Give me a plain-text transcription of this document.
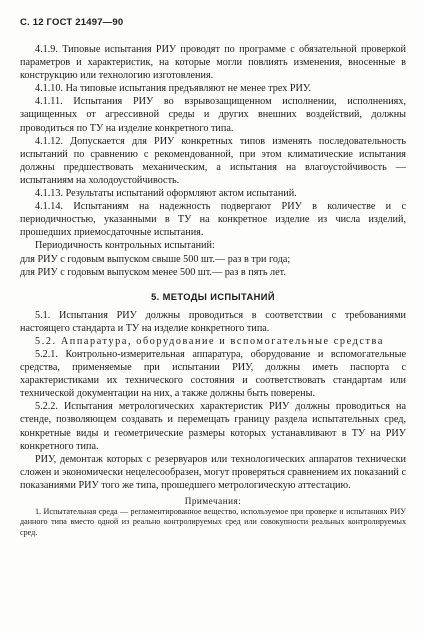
С. 12 ГОСТ 21497—90

4.1.9. Типовые испытания РИУ проводят по программе с обязательной проверкой параметров и характеристик, на которые могли повлиять изменения, вносенные в конструкцию или технологию изготовления.

4.1.10. На типовые испытания предъявляют не менее трех РИУ.

4.1.11. Испытания РИУ во взрывозащищенном исполнении, исполнениях, защищенных от агрессивной среды и других внешних воздействий, должны проводиться по ТУ на изделие конкретного типа.

4.1.12. Допускается для РИУ конкретных типов изменять последовательность испытаний по сравнению с рекомендованной, при этом климатические испытания должны предшествовать механическим, а испытания на влагоустойчивость — испытаниям на холодоустойчивость.

4.1.13. Результаты испытаний оформляют актом испытаний.

4.1.14. Испытаниям на надежность подвергают РИУ в количестве и с периодичностью, указанными в ТУ на конкретное изделие из числа изделий, прошедших приемосдаточные испытания.

Периодичность контрольных испытаний:

для РИУ с годовым выпуском свыше 500 шт.— раз в три года;

для РИУ с годовым выпуском менее 500 шт.— раз в пять лет.

5. МЕТОДЫ ИСПЫТАНИЙ

5.1. Испытания РИУ должны проводиться в соответствии с требованиями настоящего стандарта и ТУ на изделие конкретного типа.

5.2. Аппаратура, оборудование и вспомогательные средства

5.2.1. Контрольно-измерительная аппаратура, оборудование и вспомогательные средства, применяемые при испытании РИУ, должны иметь паспорта с характеристиками их технического состояния и соответствовать стандартам или технической документации на них, а также должны быть поверены.

5.2.2. Испытания метрологических характеристик РИУ должны проводиться на стенде, позволяющем создавать и перемещать границу раздела испытательных сред, конкретные виды и геометрические размеры которых устанавливают в ТУ на РИУ конкретного типа.

РИУ, демонтаж которых с резервуаров или технологических аппаратов технически сложен и экономически нецелесообразен, могут проверяться сравнением их показаний с показаниями РИУ того же типа, прошедшего метрологическую аттестацию.

Примечания:

1. Испытательная среда — регламентированное вещество, используемое при проверке и испытаниях РИУ данного типа вместо одной из реально контролируемых сред или совокупности реальных контролируемых сред.
